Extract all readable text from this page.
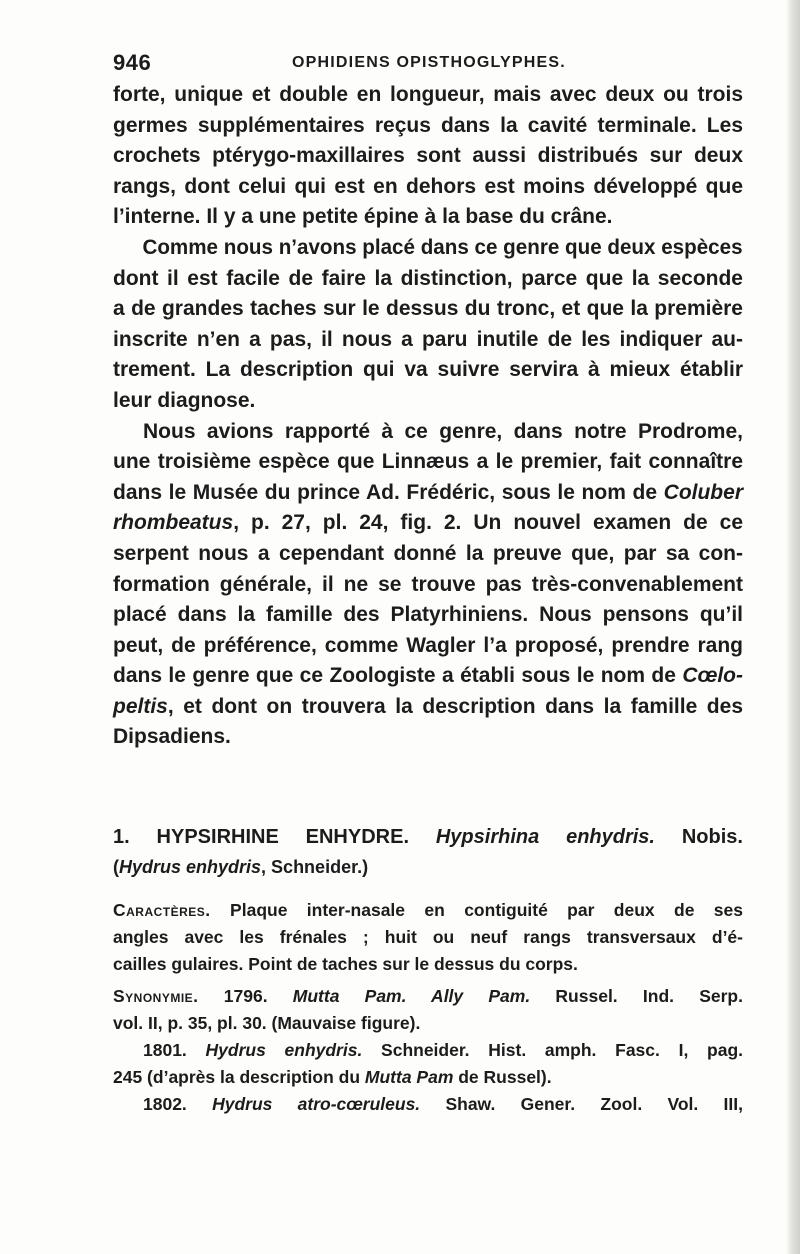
946	OPHIDIENS OPISTHOGLYPHES.
forte, unique et double en longueur, mais avec deux ou trois
germes supplémentaires reçus dans la cavité terminale. Les
crochets ptérygo-maxillaires sont aussi distribués sur deux
rangs, dont celui qui est en dehors est moins développé que
l’interne. Il y a une petite épine à la base du crâne.
Comme nous n’avons placé dans ce genre que deux espèces
dont il est facile de faire la distinction, parce que la seconde
a de grandes taches sur le dessus du tronc, et que la première
inscrite n’en a pas, il nous a paru inutile de les indiquer au-
trement. La description qui va suivre servira à mieux établir
leur diagnose.
Nous avions rapporté à ce genre, dans notre Prodrome,
une troisième espèce que Linnæus a le premier, fait connaître
dans le Musée du prince Ad. Frédéric, sous le nom de Coluber
rhombeatus, p. 27, pl. 24, fig. 2. Un nouvel examen de ce
serpent nous a cependant donné la preuve que, par sa con-
formation générale, il ne se trouve pas très-convenablement
placé dans la famille des Platyrhiniens. Nous pensons qu’il
peut, de préférence, comme Wagler l’a proposé, prendre rang
dans le genre que ce Zoologiste a établi sous le nom de Cœlo-
peltis, et dont on trouvera la description dans la famille des
Dipsadiens.
1. HYPSIRHINE ENHYDRE. Hypsirhina enhydris. Nobis.
(Hydrus enhydris, Schneider.)
Caractères. Plaque inter-nasale en contiguité par deux de ses
angles avec les frénales ; huit ou neuf rangs transversaux d’é-
cailles gulaires. Point de taches sur le dessus du corps.
Synonymie. 1796. Mutta Pam. Ally Pam. Russel. Ind. Serp.
vol. II, p. 35, pl. 30. (Mauvaise figure).
1801. Hydrus enhydris. Schneider. Hist. amph. Fasc. I, pag.
245 (d’après la description du Mutta Pam de Russel).
1802. Hydrus atro-cœruleus. Shaw. Gener. Zool. Vol. III,
